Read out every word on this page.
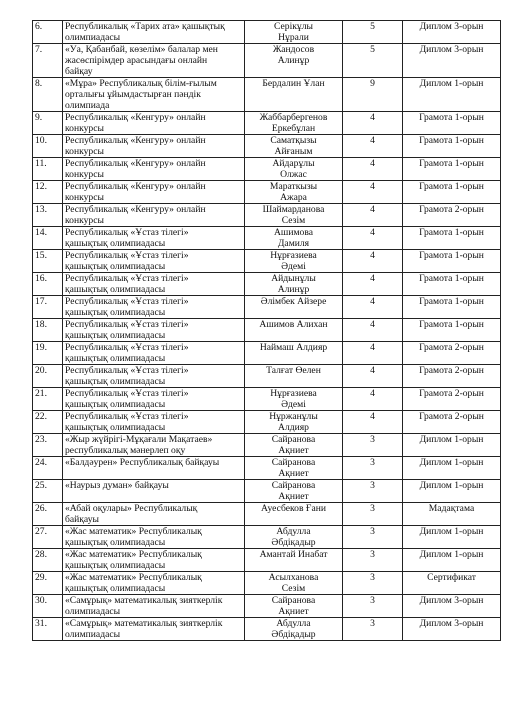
6.	Республикалық «Тарих ата» қашықтық
олимпиадасы	Серікұлы
Нұрали	5	Диплом 3-орын

7.	«Уа, Қабанбай, көзелім» балалар мен
жасөспірімдер арасындағы онлайн
байқау	Жандосов
Алинұр	5	Диплом 3-орын

8.	«Мұра» Республикалық білім-ғылым
орталығы ұйымдастырған пәндік
олимпиада	Бердалин Ұлан	9	Диплом 1-орын

9.	Республикалық «Кенгуру» онлайн
конкурсы	Жаббарбергенов
Еркебұлан	4	Грамота 1-орын

10.	Республикалық «Кенгуру» онлайн
конкурсы	Саматқызы
Айғаным	4	Грамота 1-орын

11.	Республикалық «Кенгуру» онлайн
конкурсы	Айдарұлы
Олжас	4	Грамота 1-орын

12.	Республикалық «Кенгуру» онлайн
конкурсы	Мараткызы
Ажара	4	Грамота 1-орын

13.	Республикалық «Кенгуру» онлайн
конкурсы	Шаймарданова
Сезім	4	Грамота 2-орын

14.	Республикалық «Ұстаз тілегі»
қашықтық олимпиадасы	Ашимова
Дамиля	4	Грамота 1-орын

15.	Республикалық «Ұстаз тілегі»
қашықтық олимпиадасы	Нұрғазиева
Әдемі	4	Грамота 1-орын

16.	Республикалық «Ұстаз тілегі»
қашықтық олимпиадасы	Айдынұлы
Алинұр	4	Грамота 1-орын

17.	Республикалық «Ұстаз тілегі»
қашықтық олимпиадасы	Әлімбек Айзере	4	Грамота 1-орын

18.	Республикалық «Ұстаз тілегі»
қашықтық олимпиадасы	Ашимов Алихан	4	Грамота 1-орын

19.	Республикалық «Ұстаз тілегі»
қашықтық олимпиадасы	Наймаш Алдияр	4	Грамота 2-орын

20.	Республикалық «Ұстаз тілегі»
қашықтық олимпиадасы	Талғат Өелен	4	Грамота 2-орын

21.	Республикалық «Ұстаз тілегі»
қашықтық олимпиадасы	Нұрғазиева
Әдемі	4	Грамота 2-орын

22.	Республикалық «Ұстаз тілегі»
қашықтық олимпиадасы	Нұржанұлы
Алдияр	4	Грамота 2-орын

23.	«Жыр жүйрігі-Мұқағали Мақатаев»
республикалық мәнерлеп оқу	Сайранова
Ақниет	3	Диплом 1-орын

24.	«Балдәурен» Республикалық байқауы	Сайранова
Ақниет	3	Диплом 1-орын

25.	«Наурыз думан» байқауы	Сайранова
Ақниет	3	Диплом 1-орын

26.	«Абай оқулары» Республикалық
байқауы	Ауесбеков Ғани	3	Мадақтама

27.	«Жас математик» Республикалық
қашықтық олимпиадасы	Абдулла
Әбдіқадыр	3	Диплом 1-орын

28.	«Жас математик» Республикалық
қашықтық олимпиадасы	Амантай Инабат	3	Диплом 1-орын

29.	«Жас математик» Республикалық
қашықтық олимпиадасы	Асылханова
Сезім	3	Сертификат

30.	«Самұрық» математикалық зияткерлік
олимпиадасы	Сайранова
Ақниет	3	Диплом 3-орын

31.	«Самұрық» математикалық зияткерлік
олимпиадасы	Абдулла
Әбдіқадыр	3	Диплом 3-орын
